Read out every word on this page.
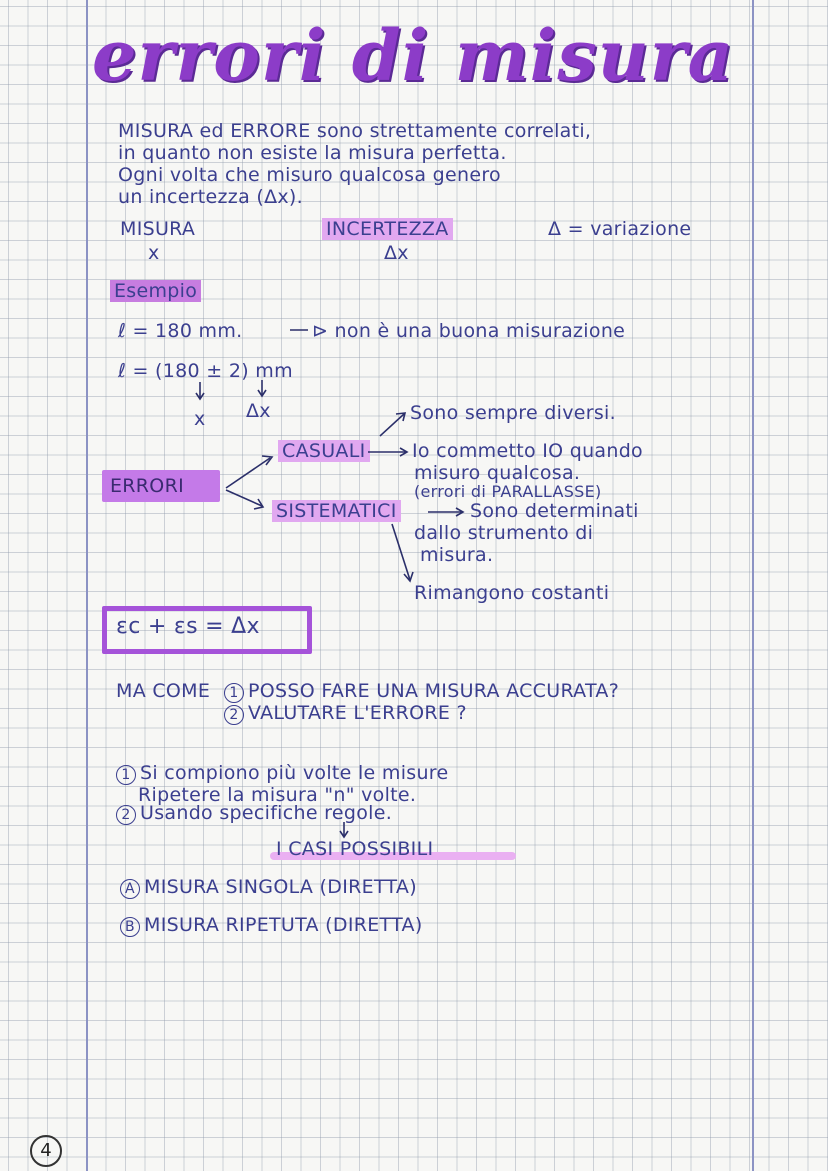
errori di misura
MISURA ed ERRORE sono strettamente correlati,
in quanto non esiste la misura perfetta.
Ogni volta che misuro qualcosa genero
un incertezza (Δx).
MISURA
x
INCERTEZZA
Δx
Δ = variazione
Esempio
ℓ = 180 mm.	⊳ non è una buona misurazione
ℓ = (180 ± 2) mm
x Δx
ERRORI
Sono sempre diversi.
CASUALI Io commetto IO quando
misuro qualcosa.
(errori di PARALLASSE)
SISTEMATICI	Sono determinati
dallo strumento di
misura.
Rimangono costanti
εc + εs = Δx
MA COME	1 POSSO FARE UNA MISURA ACCURATA?
2 VALUTARE L'ERRORE ?
1 Si compiono più volte le misure
Ripetere la misura "n" volte.
2 Usando specifiche regole.
I CASI POSSIBILI
A MISURA SINGOLA (DIRETTA)
B MISURA RIPETUTA (DIRETTA)
4
